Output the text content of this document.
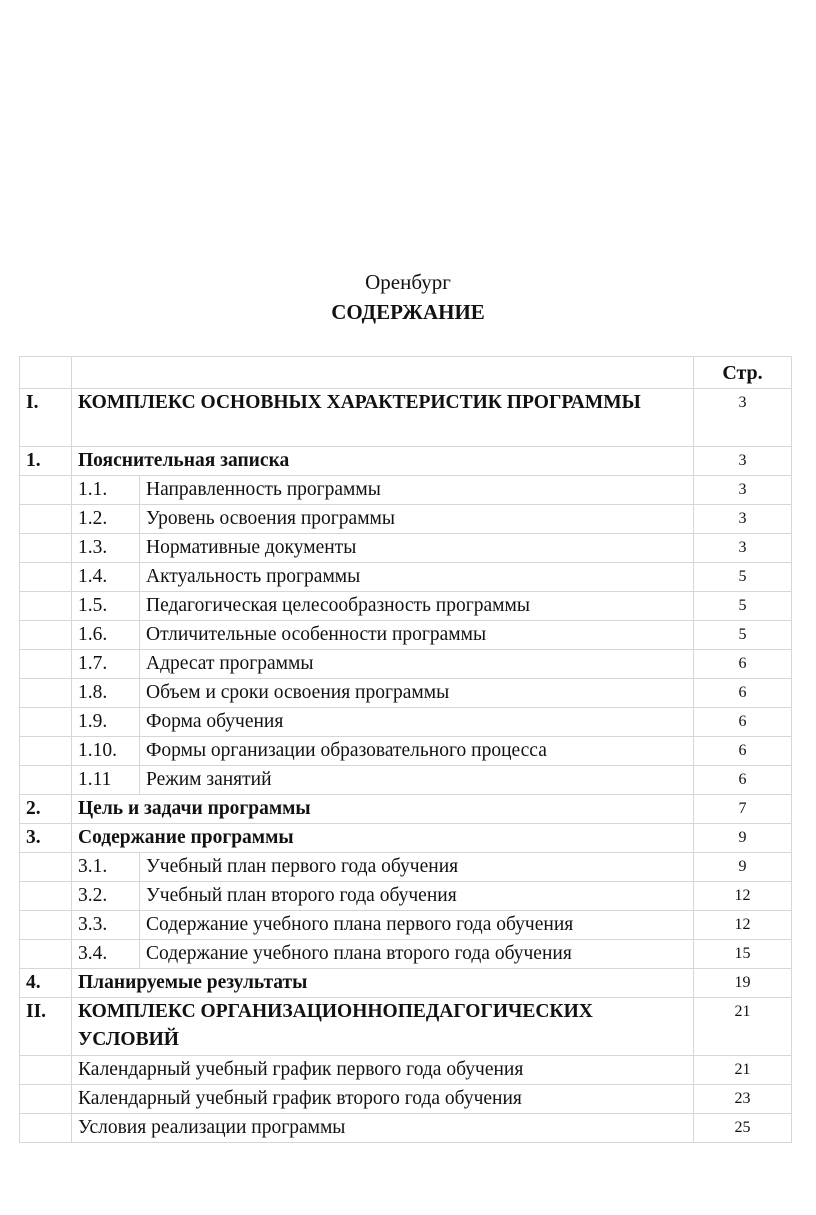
Оренбург
СОДЕРЖАНИЕ
			Стр.
I.	КОМПЛЕКС ОСНОВНЫХ ХАРАКТЕРИСТИК ПРОГРАММЫ		3
1.	Пояснительная записка		3
	1.1.	Направленность программы	3
	1.2.	Уровень освоения программы	3
	1.3.	Нормативные документы	3
	1.4.	Актуальность программы	5
	1.5.	Педагогическая целесообразность программы	5
	1.6.	Отличительные особенности программы	5
	1.7.	Адресат программы	6
	1.8.	Объем и сроки освоения программы	6
	1.9.	Форма обучения	6
	1.10.	Формы организации образовательного процесса	6
	1.11	Режим занятий	6
2.	Цель и задачи программы		7
3.	Содержание программы		9
	3.1.	Учебный план первого года обучения	9
	3.2.	Учебный план второго года обучения	12
	3.3.	Содержание учебного плана первого года обучения	12
	3.4.	Содержание учебного плана второго года обучения	15
4.	Планируемые результаты		19
II.	КОМПЛЕКС ОРГАНИЗАЦИОННОПЕДАГОГИЧЕСКИХ УСЛОВИЙ		21
	Календарный учебный график первого года обучения		21
	Календарный учебный график второго года обучения		23
	Условия реализации программы		25
